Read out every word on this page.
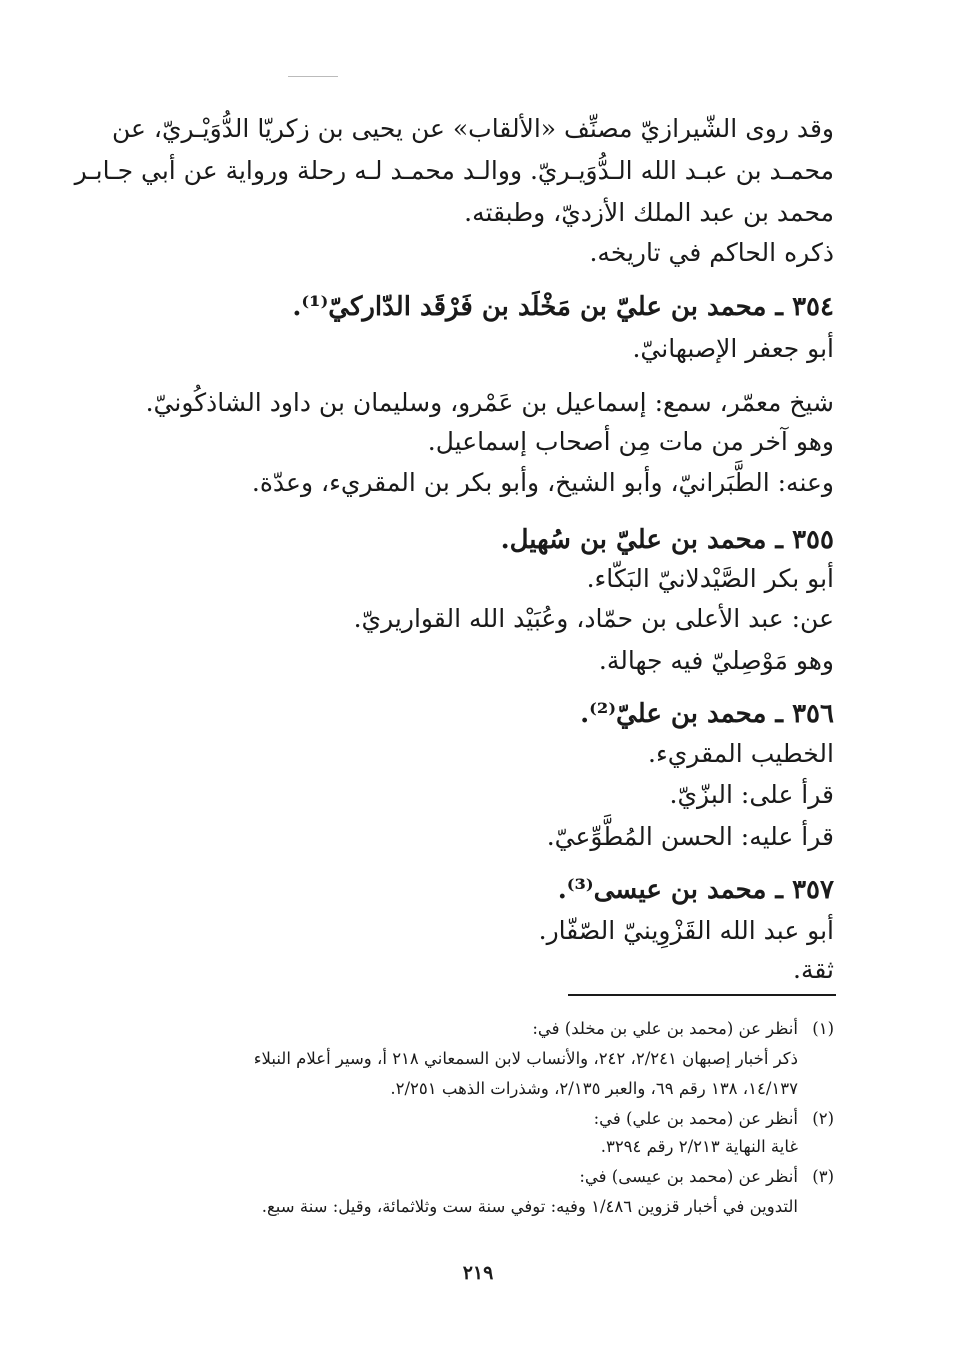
وقد روى الشّيرازيّ مصنِّف «الألقاب» عن يحيى بن زكريّا الدُّوَيْـريّ، عن
محمـد بن عبـد الله الـدُّوَيـريّ. ووالـد محمـد لـه رحلة ورواية عن أبي جـابـر
محمد بن عبد الملك الأزديّ، وطبقته.
ذكره الحاكم في تاريخه.
٣٥٤ ـ محمد بن عليّ بن مَخْلَد بن فَرْقَد الدّاركيّ⁽¹⁾.
أبو جعفر الإصبهانيّ.
شيخ معمّر، سمع: إسماعيل بن عَمْرو، وسليمان بن داود الشاذكُونيّ.
وهو آخر من مات مِن أصحاب إسماعيل.
وعنه: الطَّبَرانيّ، وأبو الشيخ، وأبو بكر بن المقريء، وعدّة.
٣٥٥ ـ محمد بن عليّ بن سُهيل.
أبو بكر الصَّيْدلانيّ البَكّاء.
عن: عبد الأعلى بن حمّاد، وعُبَيْد الله القواريريّ.
وهو مَوْصِليّ فيه جهالة.
٣٥٦ ـ محمد بن عليّ⁽²⁾.
الخطيب المقريء.
قرأ على: البزّيّ.
قرأ عليه: الحسن المُطَّوِّعيّ.
٣٥٧ ـ محمد بن عيسى⁽³⁾.
أبو عبد الله القَزْوِينيّ الصّفّار.
ثقة.
(١)أنظر عن (محمد بن علي بن مخلد) في:
ذكر أخبار إصبهان ٢/٢٤١، ٢٤٢، والأنساب لابن السمعاني ٢١٨ أ، وسير أعلام النبلاء
١٤/١٣٧، ١٣٨ رقم ٦٩، والعبر ٢/١٣٥، وشذرات الذهب ٢/٢٥١.
(٢)أنظر عن (محمد بن علي) في:
غاية النهاية ٢/٢١٣ رقم ٣٢٩٤.
(٣)أنظر عن (محمد بن عيسى) في:
التدوين في أخبار قزوين ١/٤٨٦ وفيه: توفي سنة ست وثلاثمائة، وقيل: سنة سبع.
٢١٩
